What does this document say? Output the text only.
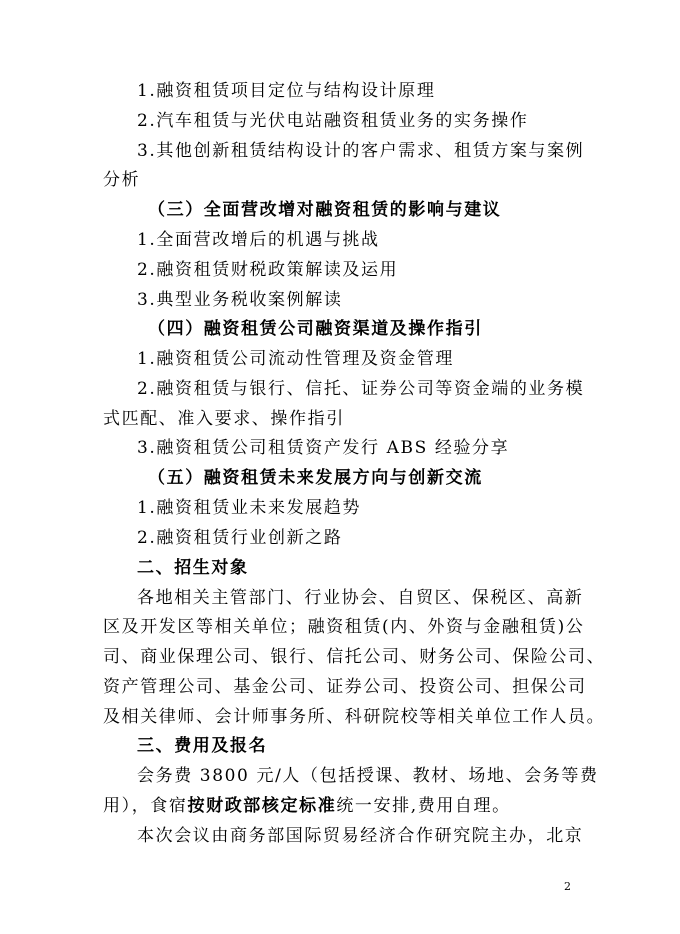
1.融资租赁项目定位与结构设计原理
2.汽车租赁与光伏电站融资租赁业务的实务操作
3.其他创新租赁结构设计的客户需求、租赁方案与案例
分析
（三）全面营改增对融资租赁的影响与建议
1.全面营改增后的机遇与挑战
2.融资租赁财税政策解读及运用
3.典型业务税收案例解读
（四）融资租赁公司融资渠道及操作指引
1.融资租赁公司流动性管理及资金管理
2.融资租赁与银行、信托、证券公司等资金端的业务模
式匹配、准入要求、操作指引
3.融资租赁公司租赁资产发行 ABS 经验分享
（五）融资租赁未来发展方向与创新交流
1.融资租赁业未来发展趋势
2.融资租赁行业创新之路
二、招生对象
各地相关主管部门、行业协会、自贸区、保税区、高新
区及开发区等相关单位；融资租赁(内、外资与金融租赁)公
司、商业保理公司、银行、信托公司、财务公司、保险公司、
资产管理公司、基金公司、证券公司、投资公司、担保公司
及相关律师、会计师事务所、科研院校等相关单位工作人员。
三、费用及报名
会务费 3800 元/人（包括授课、教材、场地、会务等费
用），食宿按财政部核定标准统一安排,费用自理。
本次会议由商务部国际贸易经济合作研究院主办，北京
2
